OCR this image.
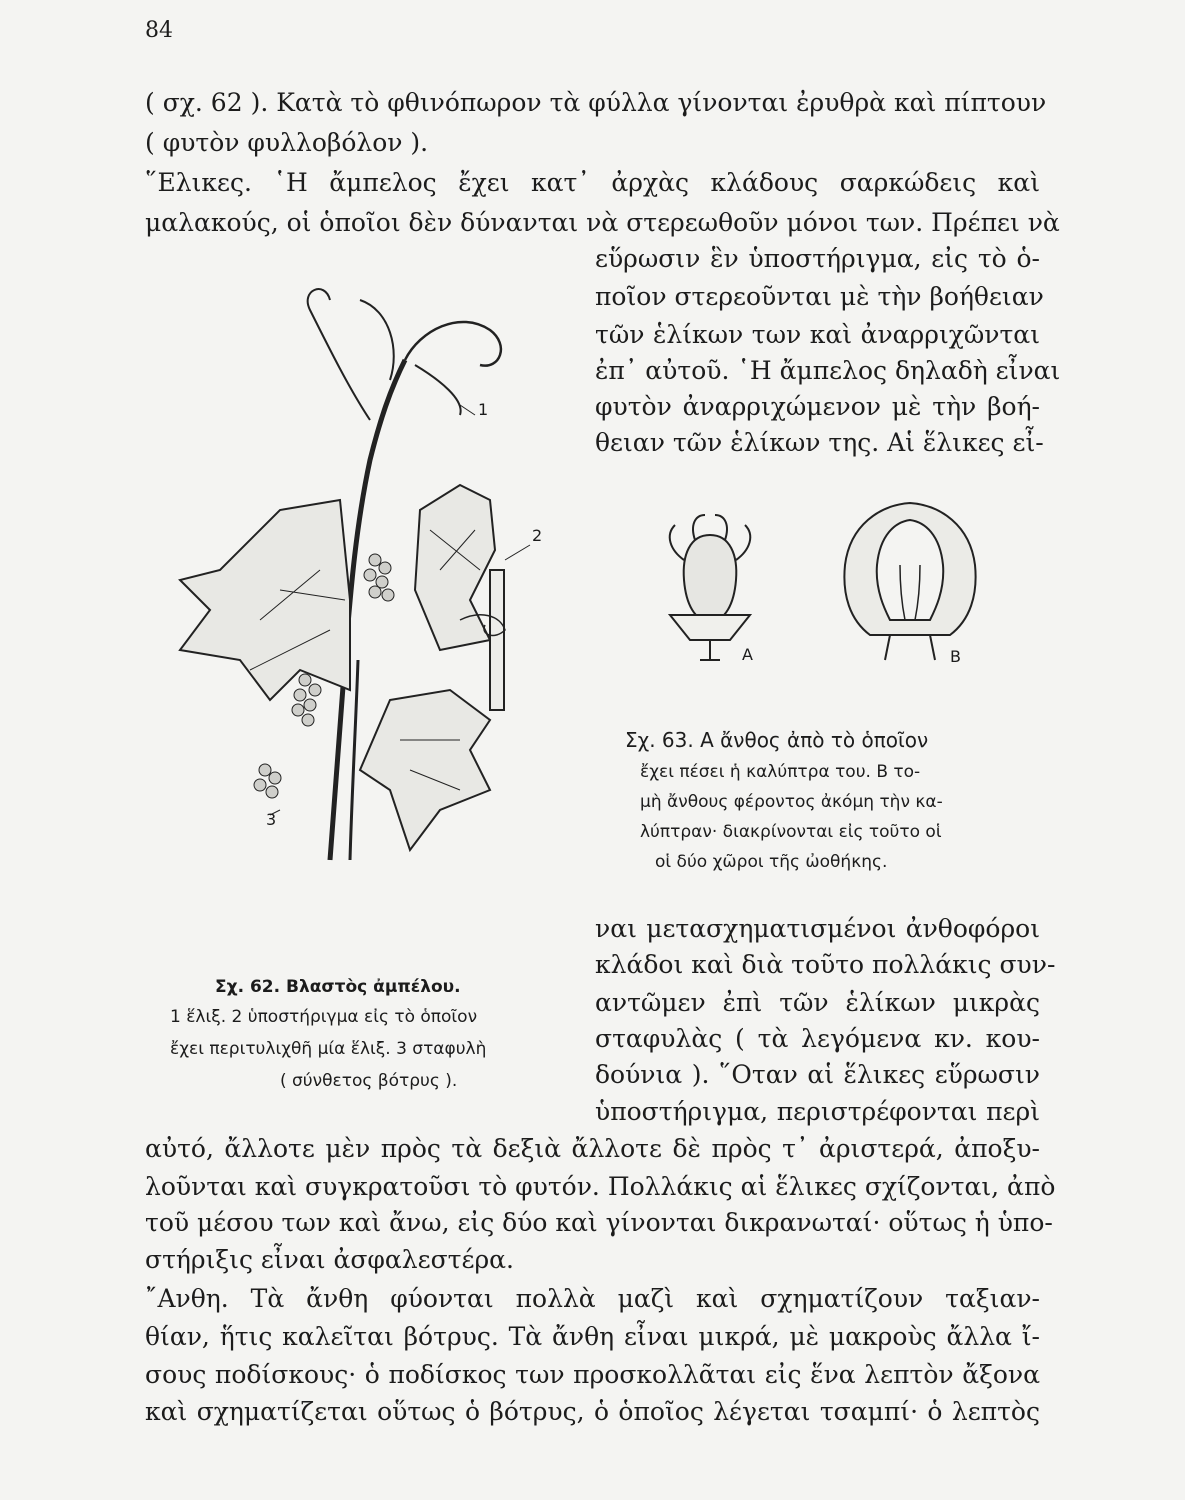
84
( σχ. 62 ). Κατὰ τὸ φθινόπωρον τὰ φύλλα γίνονται ἐρυθρὰ καὶ πίπτουν
( φυτὸν φυλλοβόλον ).
῞Ελικες. ῾Η ἄμπελος ἔχει κατ᾿ ἀρχὰς κλάδους σαρκώδεις καὶ
μαλακούς, οἱ ὁποῖοι δὲν δύνανται νὰ στερεωθοῦν μόνοι των. Πρέπει νὰ
εὕρωσιν ἓν ὑποστήριγμα, εἰς τὸ ὁ-
ποῖον στερεοῦνται μὲ τὴν βοήθειαν
τῶν ἑλίκων των καὶ ἀναρριχῶνται
ἐπ᾿ αὐτοῦ. ῾Η ἄμπελος δηλαδὴ εἶναι
φυτὸν ἀναρριχώμενον μὲ τὴν βοή-
θειαν τῶν ἑλίκων της. Αἱ ἕλικες εἶ-
1
2
3
A	B
Σχ. 63. Α ἄνθος ἀπὸ τὸ ὁποῖον
ἔχει πέσει ἡ καλύπτρα του. Β το-
μὴ ἄνθους φέροντος ἀκόμη τὴν κα-
λύπτραν· διακρίνονται εἰς τοῦτο οἱ
οἱ δύο χῶροι τῆς ὠοθήκης.
Σχ. 62. Βλαστὸς ἀμπέλου.
1 ἕλιξ. 2 ὑποστήριγμα εἰς τὸ ὁποῖον
ἔχει περιτυλιχθῆ μία ἕλιξ. 3 σταφυλὴ
( σύνθετος βότρυς ).
ναι μετασχηματισμένοι ἀνθοφόροι
κλάδοι καὶ διὰ τοῦτο πολλάκις συν-
αντῶμεν ἐπὶ τῶν ἑλίκων μικρὰς
σταφυλὰς ( τὰ λεγόμενα κν. κου-
δούνια ). ῞Οταν αἱ ἕλικες εὕρωσιν
ὑποστήριγμα, περιστρέφονται περὶ
αὐτό, ἄλλοτε μὲν πρὸς τὰ δεξιὰ ἄλλοτε δὲ πρὸς τ᾿ ἀριστερά, ἀποξυ-
λοῦνται καὶ συγκρατοῦσι τὸ φυτόν. Πολλάκις αἱ ἕλικες σχίζονται, ἀπὸ
τοῦ μέσου των καὶ ἄνω, εἰς δύο καὶ γίνονται δικρανωταί· οὕτως ἡ ὑπο-
στήριξις εἶναι ἀσφαλεστέρα.
῎Ανθη. Τὰ ἄνθη φύονται πολλὰ μαζὶ καὶ σχηματίζουν ταξιαν-
θίαν, ἥτις καλεῖται βότρυς. Τὰ ἄνθη εἶναι μικρά, μὲ μακροὺς ἄλλα ἴ-
σους ποδίσκους· ὁ ποδίσκος των προσκολλᾶται εἰς ἕνα λεπτὸν ἄξονα
καὶ σχηματίζεται οὕτως ὁ βότρυς, ὁ ὁποῖος λέγεται τσαμπί· ὁ λεπτὸς
